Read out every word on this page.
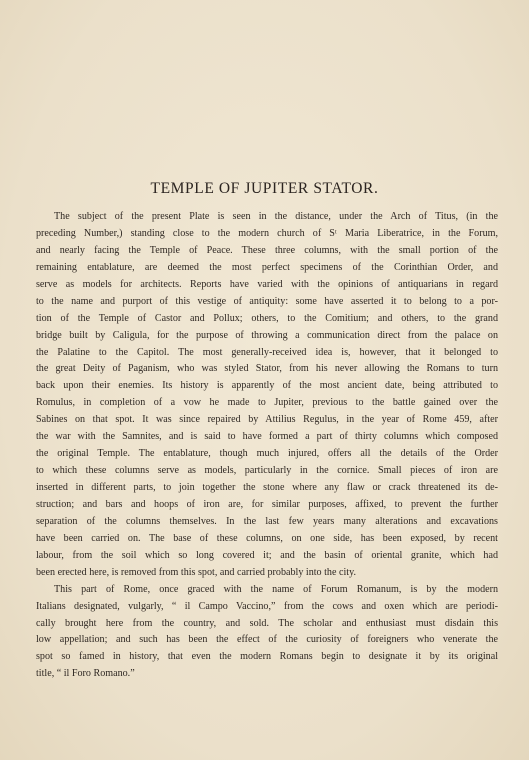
TEMPLE OF JUPITER STATOR.
The subject of the present Plate is seen in the distance, under the Arch of Titus, (in the
preceding Number,) standing close to the modern church of Sᵗ Maria Liberatrice, in the Forum,
and nearly facing the Temple of Peace. These three columns, with the small portion of the
remaining entablature, are deemed the most perfect specimens of the Corinthian Order, and
serve as models for architects. Reports have varied with the opinions of antiquarians in regard
to the name and purport of this vestige of antiquity: some have asserted it to belong to a por-
tion of the Temple of Castor and Pollux; others, to the Comitium; and others, to the grand
bridge built by Caligula, for the purpose of throwing a communication direct from the palace on
the Palatine to the Capitol. The most generally-received idea is, however, that it belonged to
the great Deity of Paganism, who was styled Stator, from his never allowing the Romans to turn
back upon their enemies. Its history is apparently of the most ancient date, being attributed to
Romulus, in completion of a vow he made to Jupiter, previous to the battle gained over the
Sabines on that spot. It was since repaired by Attilius Regulus, in the year of Rome 459, after
the war with the Samnites, and is said to have formed a part of thirty columns which composed
the original Temple. The entablature, though much injured, offers all the details of the Order
to which these columns serve as models, particularly in the cornice. Small pieces of iron are
inserted in different parts, to join together the stone where any flaw or crack threatened its de-
struction; and bars and hoops of iron are, for similar purposes, affixed, to prevent the further
separation of the columns themselves. In the last few years many alterations and excavations
have been carried on. The base of these columns, on one side, has been exposed, by recent
labour, from the soil which so long covered it; and the basin of oriental granite, which had
been erected here, is removed from this spot, and carried probably into the city.
This part of Rome, once graced with the name of Forum Romanum, is by the modern
Italians designated, vulgarly, “ il Campo Vaccino,” from the cows and oxen which are periodi-
cally brought here from the country, and sold. The scholar and enthusiast must disdain this
low appellation; and such has been the effect of the curiosity of foreigners who venerate the
spot so famed in history, that even the modern Romans begin to designate it by its original
title, “ il Foro Romano.”
